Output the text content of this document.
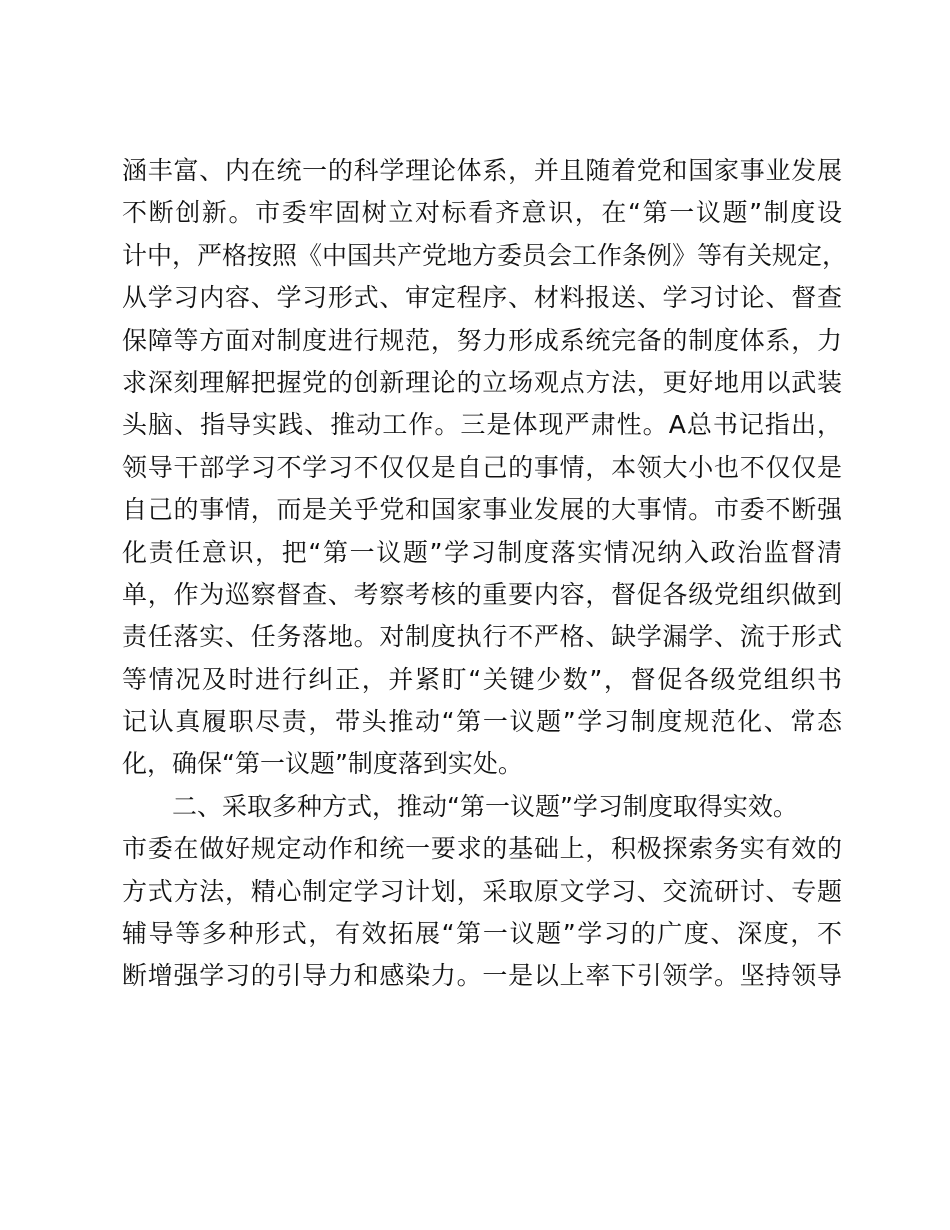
涵丰富、内在统一的科学理论体系，并且随着党和国家事业发展
不断创新。市委牢固树立对标看齐意识，在“第一议题”制度设
计中，严格按照《中国共产党地方委员会工作条例》等有关规定，
从学习内容、学习形式、审定程序、材料报送、学习讨论、督查
保障等方面对制度进行规范，努力形成系统完备的制度体系，力
求深刻理解把握党的创新理论的立场观点方法，更好地用以武装
头脑、指导实践、推动工作。三是体现严肃性。A总书记指出，
领导干部学习不学习不仅仅是自己的事情，本领大小也不仅仅是
自己的事情，而是关乎党和国家事业发展的大事情。市委不断强
化责任意识，把“第一议题”学习制度落实情况纳入政治监督清
单，作为巡察督查、考察考核的重要内容，督促各级党组织做到
责任落实、任务落地。对制度执行不严格、缺学漏学、流于形式
等情况及时进行纠正，并紧盯“关键少数”，督促各级党组织书
记认真履职尽责，带头推动“第一议题”学习制度规范化、常态
化，确保“第一议题”制度落到实处。
　　二、采取多种方式，推动“第一议题”学习制度取得实效。
市委在做好规定动作和统一要求的基础上，积极探索务实有效的
方式方法，精心制定学习计划，采取原文学习、交流研讨、专题
辅导等多种形式，有效拓展“第一议题”学习的广度、深度，不
断增强学习的引导力和感染力。一是以上率下引领学。坚持领导
